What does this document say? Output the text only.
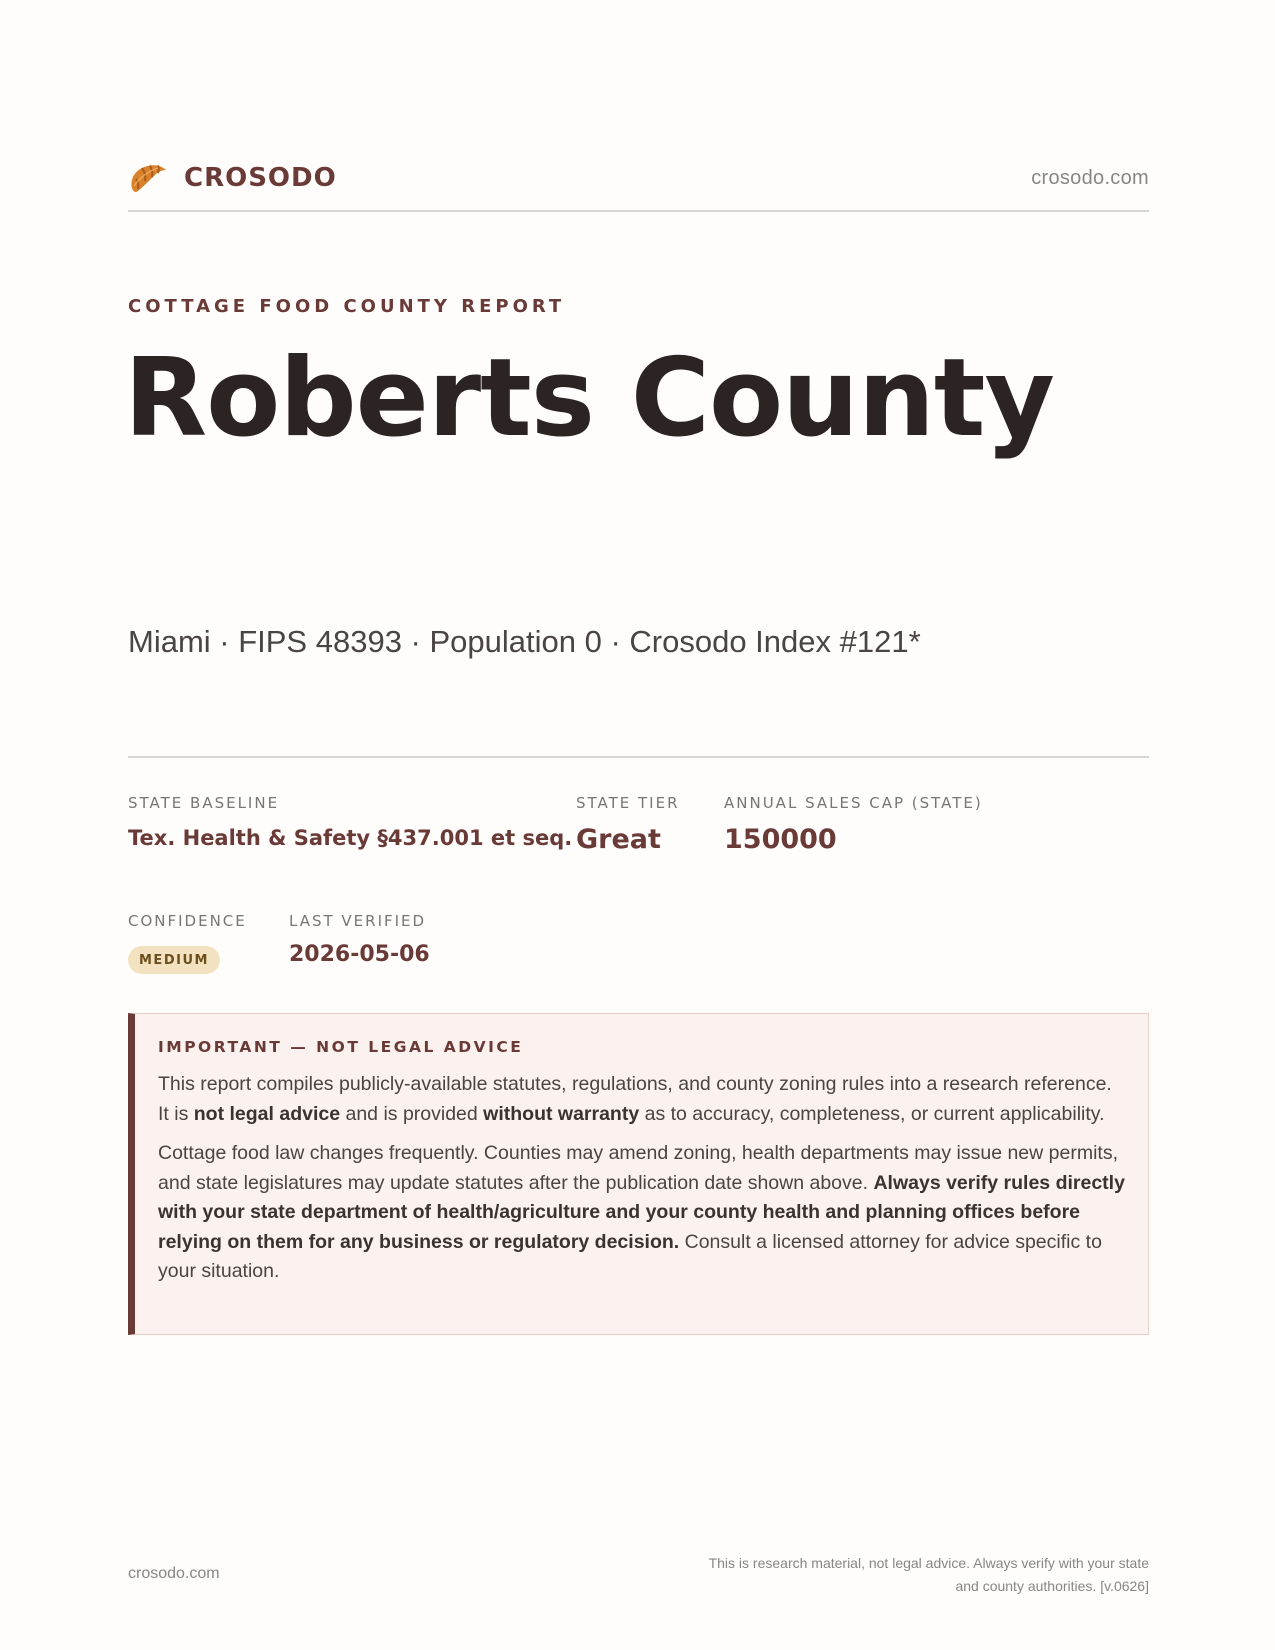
CROSODO	crosodo.com
COTTAGE FOOD COUNTY REPORT
Roberts County
Miami · FIPS 48393 · Population 0 · Crosodo Index #121*
STATE BASELINE
Tex. Health & Safety §437.001 et seq.
STATE TIER
Great
ANNUAL SALES CAP (STATE)
150000
CONFIDENCE
MEDIUM
LAST VERIFIED
2026-05-06
IMPORTANT — NOT LEGAL ADVICE

This report compiles publicly-available statutes, regulations, and county zoning rules into a research reference. It is not legal advice and is provided without warranty as to accuracy, completeness, or current applicability.

Cottage food law changes frequently. Counties may amend zoning, health departments may issue new permits, and state legislatures may update statutes after the publication date shown above. Always verify rules directly with your state department of health/agriculture and your county health and planning offices before relying on them for any business or regulatory decision. Consult a licensed attorney for advice specific to your situation.

crosodo.com
This is research material, not legal advice. Always verify with your state
and county authorities. [v.0626]
